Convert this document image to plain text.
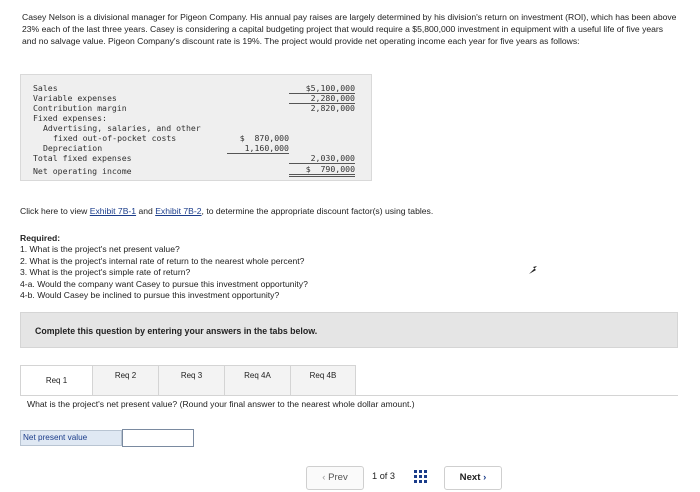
Casey Nelson is a divisional manager for Pigeon Company. His annual pay raises are largely determined by his division's return on investment (ROI), which has been above 23% each of the last three years. Casey is considering a capital budgeting project that would require a $5,800,000 investment in equipment with a useful life of five years and no salvage value. Pigeon Company's discount rate is 19%. The project would provide net operating income each year for five years as follows:
Sales	$5,100,000
Variable expenses	2,280,000
Contribution margin	2,820,000
Fixed expenses:
Advertising, salaries, and other
fixed out-of-pocket costs	$  870,000
Depreciation	1,160,000
Total fixed expenses	2,030,000
Net operating income	$  790,000
Click here to view Exhibit 7B-1 and Exhibit 7B-2, to determine the appropriate discount factor(s) using tables.
Required:
1. What is the project's net present value?
2. What is the project's internal rate of return to the nearest whole percent?
3. What is the project's simple rate of return?
4-a. Would the company want Casey to pursue this investment opportunity?
4-b. Would Casey be inclined to pursue this investment opportunity?
Complete this question by entering your answers in the tabs below.
Req 1
Req 2	Req 3	Req 4A	Req 4B
What is the project's net present value? (Round your final answer to the nearest whole dollar amount.)
Net present value
‹ Prev	1 of 3	Next ›
